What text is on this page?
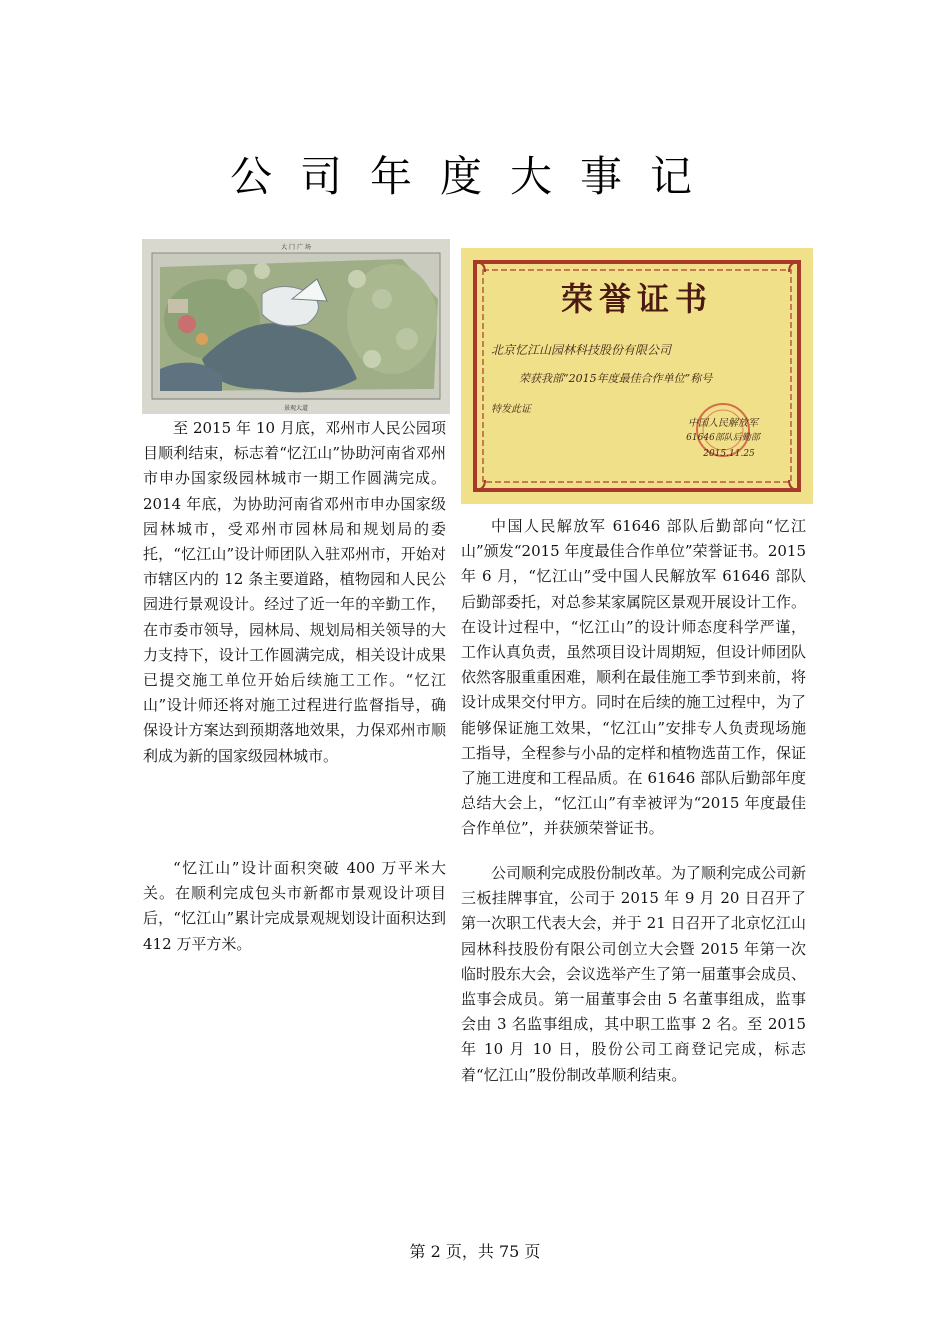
公司年度大事记
大 门 广 场
景观大道
荣誉证书
北京忆江山园林科技股份有限公司
荣获我部“2015年度最佳合作单位”称号
特发此证
中国人民解放军
61646部队后勤部
2015.11.25

至 2015 年 10 月底，邓州市人民公园项目顺利结束，标志着“忆江山”协助河南省邓州市申办国家级园林城市一期工作圆满完成。2014 年底，为协助河南省邓州市申办国家级园林城市，受邓州市园林局和规划局的委托，“忆江山”设计师团队入驻邓州市，开始对市辖区内的 12 条主要道路，植物园和人民公园进行景观设计。经过了近一年的辛勤工作，在市委市领导，园林局、规划局相关领导的大力支持下，设计工作圆满完成，相关设计成果已提交施工单位开始后续施工工作。“忆江山”设计师还将对施工过程进行监督指导，确保设计方案达到预期落地效果，力保邓州市顺利成为新的国家级园林城市。

“忆江山”设计面积突破 400 万平米大关。在顺利完成包头市新都市景观设计项目后，“忆江山”累计完成景观规划设计面积达到 412 万平方米。

中国人民解放军 61646 部队后勤部向“忆江山”颁发“2015 年度最佳合作单位”荣誉证书。2015 年 6 月，“忆江山”受中国人民解放军 61646 部队后勤部委托，对总参某家属院区景观开展设计工作。在设计过程中，“忆江山”的设计师态度科学严谨，工作认真负责，虽然项目设计周期短，但设计师团队依然客服重重困难，顺利在最佳施工季节到来前，将设计成果交付甲方。同时在后续的施工过程中，为了能够保证施工效果，“忆江山”安排专人负责现场施工指导，全程参与小品的定样和植物选苗工作，保证了施工进度和工程品质。在 61646 部队后勤部年度总结大会上，“忆江山”有幸被评为“2015 年度最佳合作单位”，并获颁荣誉证书。

公司顺利完成股份制改革。为了顺利完成公司新三板挂牌事宜，公司于 2015 年 9 月 20 日召开了第一次职工代表大会，并于 21 日召开了北京忆江山园林科技股份有限公司创立大会暨 2015 年第一次临时股东大会，会议选举产生了第一届董事会成员、监事会成员。第一届董事会由 5 名董事组成，监事会由 3 名监事组成，其中职工监事 2 名。至 2015 年 10 月 10 日，股份公司工商登记完成，标志着“忆江山”股份制改革顺利结束。

第 2 页，共 75 页
